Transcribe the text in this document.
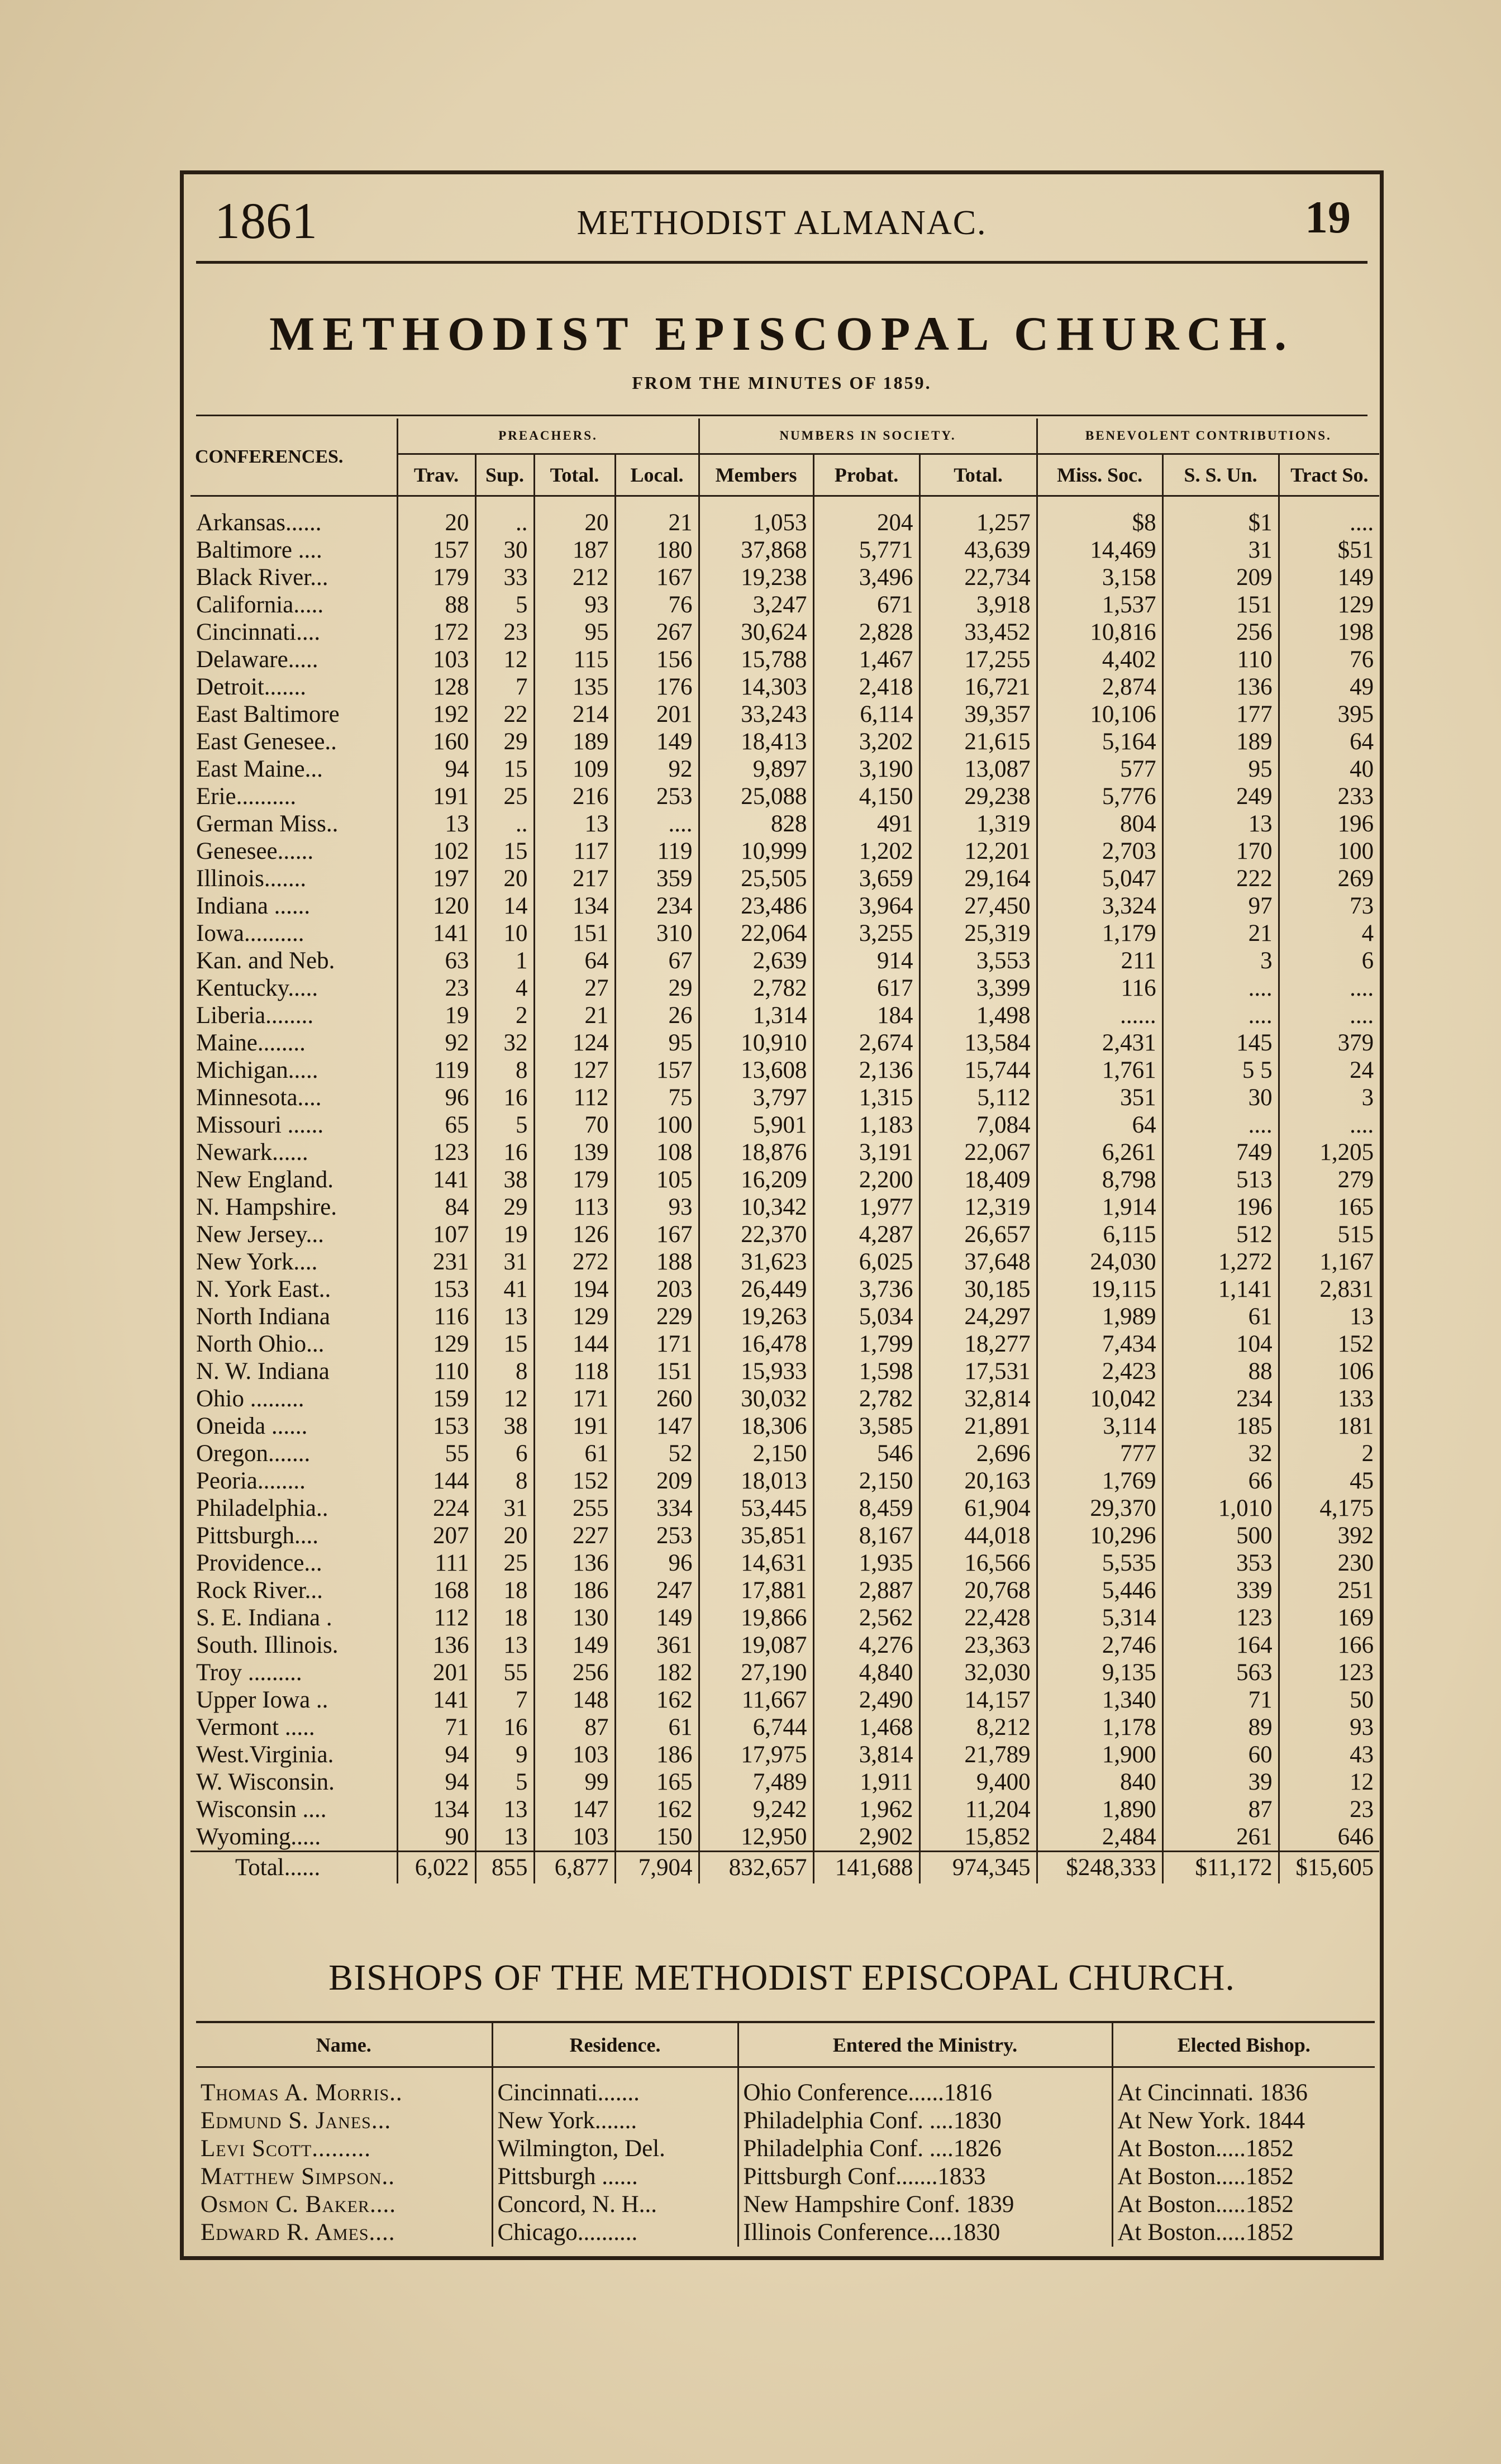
1861	METHODIST ALMANAC.	19
METHODIST EPISCOPAL CHURCH.
FROM THE MINUTES OF 1859.
CONFERENCES.	PREACHERS.				NUMBERS IN SOCIETY.			BENEVOLENT CONTRIBUTIONS.		
	Trav.	Sup.	Total.	Local.	Members	Probat.	Total.	Miss. Soc.	S. S. Un.	Tract So.

Arkansas......	20	..	20	21	1,053	204	1,257	$8	$1	....
Baltimore ....	157	30	187	180	37,868	5,771	43,639	14,469	31	$51
Black River...	179	33	212	167	19,238	3,496	22,734	3,158	209	149
California.....	88	5	93	76	3,247	671	3,918	1,537	151	129
Cincinnati....	172	23	95	267	30,624	2,828	33,452	10,816	256	198
Delaware.....	103	12	115	156	15,788	1,467	17,255	4,402	110	76
Detroit.......	128	7	135	176	14,303	2,418	16,721	2,874	136	49
East Baltimore	192	22	214	201	33,243	6,114	39,357	10,106	177	395
East Genesee..	160	29	189	149	18,413	3,202	21,615	5,164	189	64
East Maine...	94	15	109	92	9,897	3,190	13,087	577	95	40
Erie..........	191	25	216	253	25,088	4,150	29,238	5,776	249	233
German Miss..	13	..	13	....	828	491	1,319	804	13	196
Genesee......	102	15	117	119	10,999	1,202	12,201	2,703	170	100
Illinois.......	197	20	217	359	25,505	3,659	29,164	5,047	222	269
Indiana ......	120	14	134	234	23,486	3,964	27,450	3,324	97	73
Iowa..........	141	10	151	310	22,064	3,255	25,319	1,179	21	4
Kan. and Neb.	63	1	64	67	2,639	914	3,553	211	3	6
Kentucky.....	23	4	27	29	2,782	617	3,399	116	....	....
Liberia........	19	2	21	26	1,314	184	1,498	......	....	....
Maine........	92	32	124	95	10,910	2,674	13,584	2,431	145	379
Michigan.....	119	8	127	157	13,608	2,136	15,744	1,761	5 5	24
Minnesota....	96	16	112	75	3,797	1,315	5,112	351	30	3
Missouri ......	65	5	70	100	5,901	1,183	7,084	64	....	....
Newark......	123	16	139	108	18,876	3,191	22,067	6,261	749	1,205
New England.	141	38	179	105	16,209	2,200	18,409	8,798	513	279
N. Hampshire.	84	29	113	93	10,342	1,977	12,319	1,914	196	165
New Jersey...	107	19	126	167	22,370	4,287	26,657	6,115	512	515
New York....	231	31	272	188	31,623	6,025	37,648	24,030	1,272	1,167
N. York East..	153	41	194	203	26,449	3,736	30,185	19,115	1,141	2,831
North Indiana	116	13	129	229	19,263	5,034	24,297	1,989	61	13
North Ohio...	129	15	144	171	16,478	1,799	18,277	7,434	104	152
N. W. Indiana	110	8	118	151	15,933	1,598	17,531	2,423	88	106
Ohio .........	159	12	171	260	30,032	2,782	32,814	10,042	234	133
Oneida ......	153	38	191	147	18,306	3,585	21,891	3,114	185	181
Oregon.......	55	6	61	52	2,150	546	2,696	777	32	2
Peoria........	144	8	152	209	18,013	2,150	20,163	1,769	66	45
Philadelphia..	224	31	255	334	53,445	8,459	61,904	29,370	1,010	4,175
Pittsburgh....	207	20	227	253	35,851	8,167	44,018	10,296	500	392
Providence...	111	25	136	96	14,631	1,935	16,566	5,535	353	230
Rock River...	168	18	186	247	17,881	2,887	20,768	5,446	339	251
S. E. Indiana .	112	18	130	149	19,866	2,562	22,428	5,314	123	169
South. Illinois.	136	13	149	361	19,087	4,276	23,363	2,746	164	166
Troy .........	201	55	256	182	27,190	4,840	32,030	9,135	563	123
Upper Iowa ..	141	7	148	162	11,667	2,490	14,157	1,340	71	50
Vermont .....	71	16	87	61	6,744	1,468	8,212	1,178	89	93
West.Virginia.	94	9	103	186	17,975	3,814	21,789	1,900	60	43
W. Wisconsin.	94	5	99	165	7,489	1,911	9,400	840	39	12
Wisconsin ....	134	13	147	162	9,242	1,962	11,204	1,890	87	23
Wyoming.....	90	13	103	150	12,950	2,902	15,852	2,484	261	646
Total......	6,022	855	6,877	7,904	832,657	141,688	974,345	$248,333	$11,172	$15,605
BISHOPS OF THE METHODIST EPISCOPAL CHURCH.
Name.	Residence.	Entered the Ministry.	Elected Bishop.

Thomas A. Morris..	Cincinnati.......	Ohio Conference......1816	At Cincinnati. 1836
Edmund S. Janes...	New York.......	Philadelphia Conf. ....1830	At New York. 1844
Levi Scott.........	Wilmington, Del.	Philadelphia Conf. ....1826	At Boston.....1852
Matthew Simpson..	Pittsburgh ......	Pittsburgh Conf.......1833	At Boston.....1852
Osmon C. Baker....	Concord, N. H...	New Hampshire Conf. 1839	At Boston.....1852
Edward R. Ames....	Chicago..........	Illinois Conference....1830	At Boston.....1852
